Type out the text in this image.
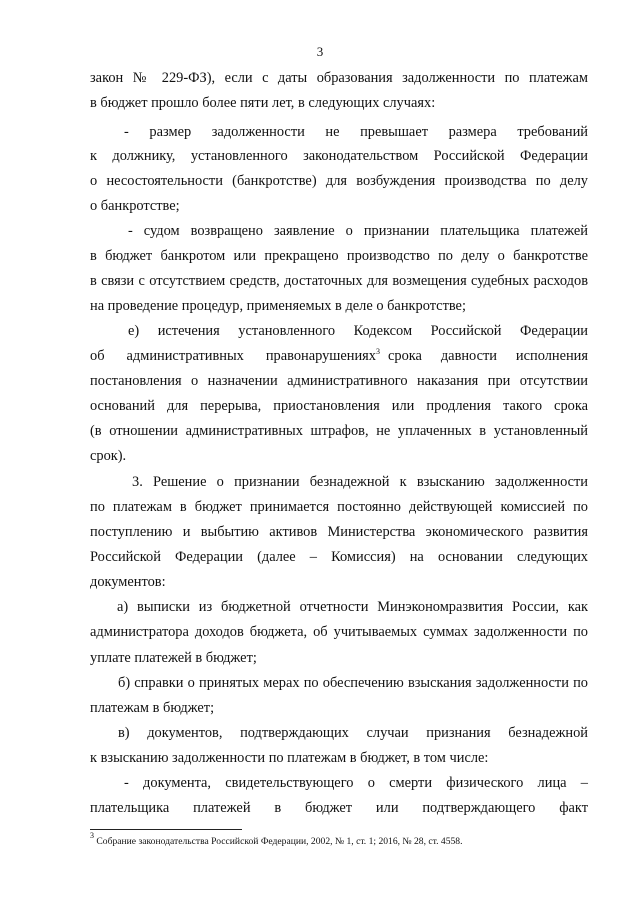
3
закон № 229-ФЗ), если с даты образования задолженности по платежам
в бюджет прошло более пяти лет, в следующих случаях:
- размер задолженности не превышает размера требований
к должнику, установленного законодательством Российской Федерации
о несостоятельности (банкротстве) для возбуждения производства по делу
о банкротстве;
- судом возвращено заявление о признании плательщика платежей
в бюджет банкротом или прекращено производство по делу о банкротстве
в связи с отсутствием средств, достаточных для возмещения судебных расходов
на проведение процедур, применяемых в деле о банкротстве;
е) истечения установленного Кодексом Российской Федерации
об административных правонарушениях$^3$ срока давности исполнения
постановления о назначении административного наказания при отсутствии
оснований для перерыва, приостановления или продления такого срока
(в отношении административных штрафов, не уплаченных в установленный
срок).
3. Решение о признании безнадежной к взысканию задолженности
по платежам в бюджет принимается постоянно действующей комиссией по
поступлению и выбытию активов Министерства экономического развития
Российской Федерации (далее – Комиссия) на основании следующих
документов:
а) выписки из бюджетной отчетности Минэкономразвития России, как
администратора доходов бюджета, об учитываемых суммах задолженности по
уплате платежей в бюджет;
б) справки о принятых мерах по обеспечению взыскания задолженности по
платежам в бюджет;
в) документов, подтверждающих случаи признания безнадежной
к взысканию задолженности по платежам в бюджет, в том числе:
- документа, свидетельствующего о смерти физического лица –
плательщика платежей в бюджет или подтверждающего факт
$^3$ Собрание законодательства Российской Федерации, 2002, № 1, ст. 1; 2016, № 28, ст. 4558.
